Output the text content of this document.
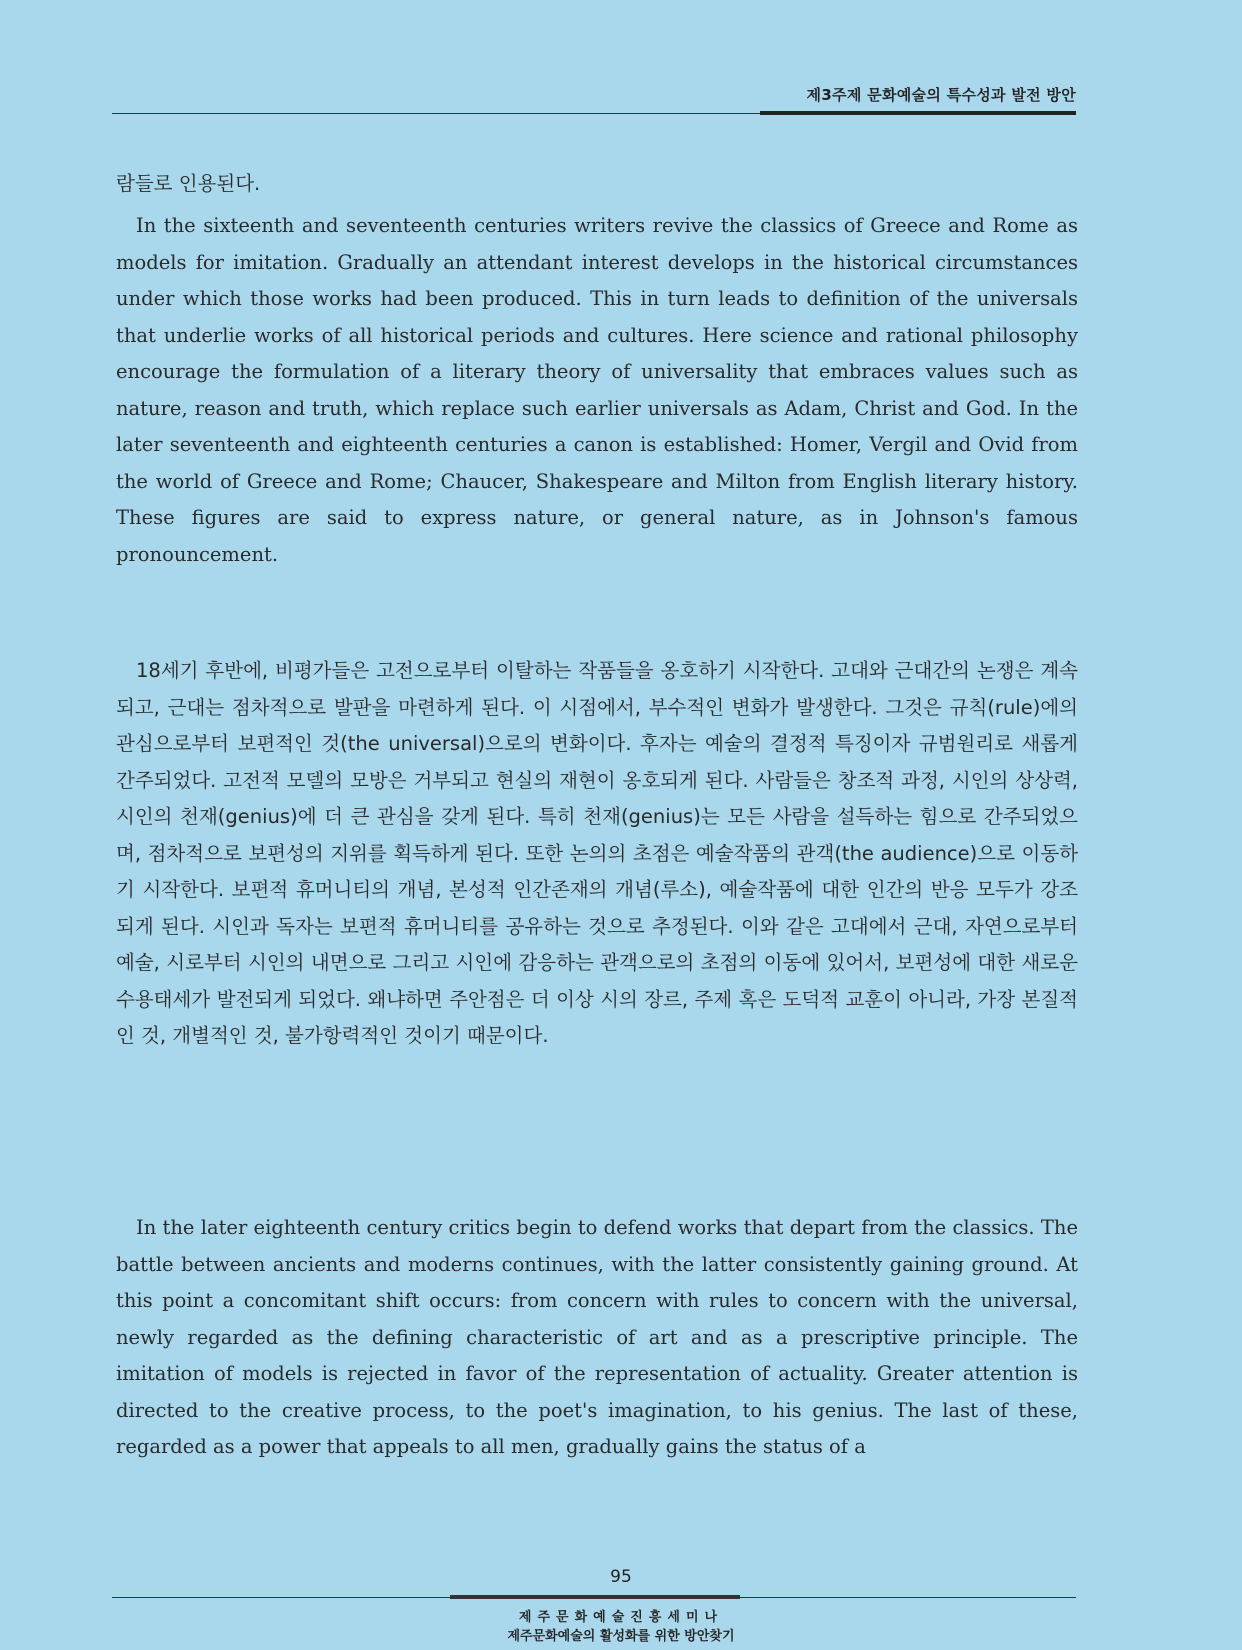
제3주제 문화예술의 특수성과 발전 방안

람들로 인용된다.

In the sixteenth and seventeenth centuries writers revive the classics of Greece and Rome as models for imitation. Gradually an attendant interest develops in the historical circumstances under which those works had been produced. This in turn leads to definition of the universals that underlie works of all historical periods and cultures. Here science and rational philosophy encourage the formulation of a literary theory of universality that embraces values such as nature, reason and truth, which replace such earlier universals as Adam, Christ and God. In the later seventeenth and eighteenth centuries a canon is established: Homer, Vergil and Ovid from the world of Greece and Rome; Chaucer, Shakespeare and Milton from English literary history. These figures are said to express nature, or general nature, as in Johnson's famous pronouncement.

18세기 후반에, 비평가들은 고전으로부터 이탈하는 작품들을 옹호하기 시작한다. 고대와 근대간의 논쟁은 계속되고, 근대는 점차적으로 발판을 마련하게 된다. 이 시점에서, 부수적인 변화가 발생한다. 그것은 규칙(rule)에의 관심으로부터 보편적인 것(the universal)으로의 변화이다. 후자는 예술의 결정적 특징이자 규범원리로 새롭게 간주되었다. 고전적 모델의 모방은 거부되고 현실의 재현이 옹호되게 된다. 사람들은 창조적 과정, 시인의 상상력, 시인의 천재(genius)에 더 큰 관심을 갖게 된다. 특히 천재(genius)는 모든 사람을 설득하는 힘으로 간주되었으며, 점차적으로 보편성의 지위를 획득하게 된다. 또한 논의의 초점은 예술작품의 관객(the audience)으로 이동하기 시작한다. 보편적 휴머니티의 개념, 본성적 인간존재의 개념(루소), 예술작품에 대한 인간의 반응 모두가 강조되게 된다. 시인과 독자는 보편적 휴머니티를 공유하는 것으로 추정된다. 이와 같은 고대에서 근대, 자연으로부터 예술, 시로부터 시인의 내면으로 그리고 시인에 감응하는 관객으로의 초점의 이동에 있어서, 보편성에 대한 새로운 수용태세가 발전되게 되었다. 왜냐하면 주안점은 더 이상 시의 장르, 주제 혹은 도덕적 교훈이 아니라, 가장 본질적인 것, 개별적인 것, 불가항력적인 것이기 때문이다.

In the later eighteenth century critics begin to defend works that depart from the classics. The battle between ancients and moderns continues, with the latter consistently gaining ground. At this point a concomitant shift occurs: from concern with rules to concern with the universal, newly regarded as the defining characteristic of art and as a prescriptive principle. The imitation of models is rejected in favor of the representation of actuality. Greater attention is directed to the creative process, to the poet's imagination, to his genius. The last of these, regarded as a power that appeals to all men, gradually gains the status of a

95
제주문화예술진흥세미나
제주문화예술의 활성화를 위한 방안찾기
